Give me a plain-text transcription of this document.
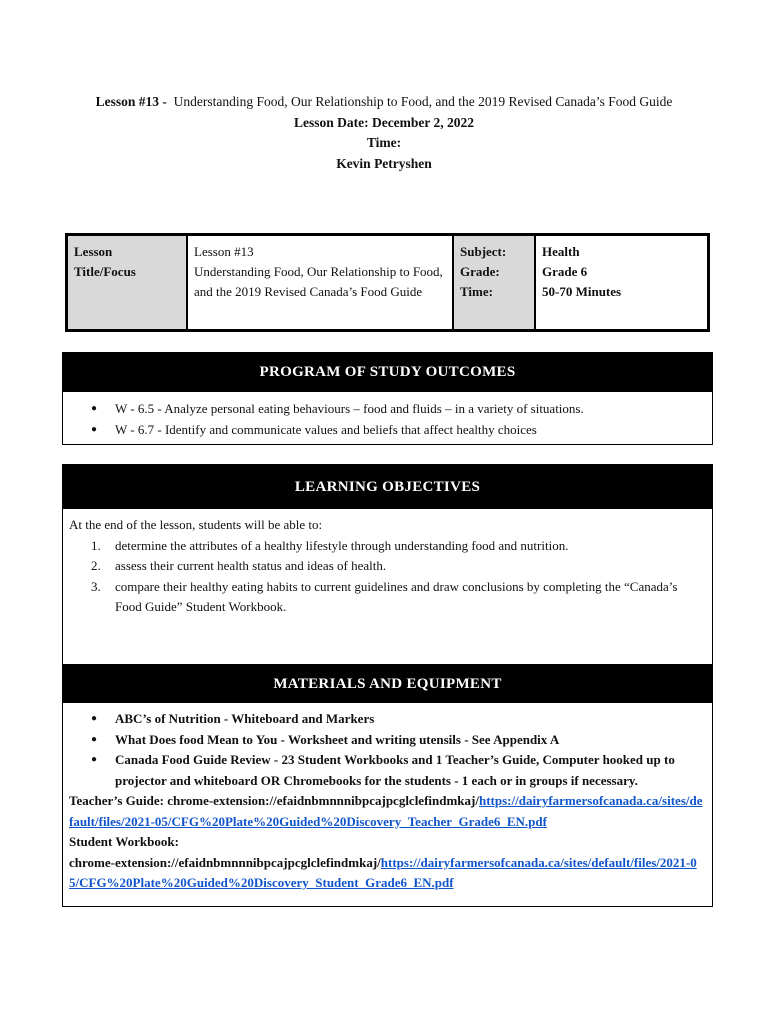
Lesson #13 - Understanding Food, Our Relationship to Food, and the 2019 Revised Canada’s Food Guide
Lesson Date: December 2, 2022
Time:
Kevin Petryshen
Lesson
Title/Focus

Lesson #13
Understanding Food, Our Relationship to Food, and the 2019 Revised Canada’s Food Guide

Subject:
Grade:
Time:

Health
Grade 6
50-70 Minutes
PROGRAM OF STUDY OUTCOMES
● W - 6.5 - Analyze personal eating behaviours – food and fluids – in a variety of situations.
● W - 6.7 - Identify and communicate values and beliefs that affect healthy choices
LEARNING OBJECTIVES
At the end of the lesson, students will be able to:
1. determine the attributes of a healthy lifestyle through understanding food and nutrition.
2. assess their current health status and ideas of health.
3. compare their healthy eating habits to current guidelines and draw conclusions by completing the “Canada’s Food Guide” Student Workbook.
MATERIALS AND EQUIPMENT
● ABC’s of Nutrition - Whiteboard and Markers
● What Does food Mean to You - Worksheet and writing utensils - See Appendix A
● Canada Food Guide Review - 23 Student Workbooks and 1 Teacher’s Guide, Computer hooked up to projector and whiteboard OR Chromebooks for the students - 1 each or in groups if necessary.
Teacher’s Guide: chrome-extension://efaidnbmnnnibpcajpcglclefindmkaj/https://dairyfarmersofcanada.ca/sites/default/files/2021-05/CFG%20Plate%20Guided%20Discovery_Teacher_Grade6_EN.pdf
Student Workbook:
chrome-extension://efaidnbmnnnibpcajpcglclefindmkaj/https://dairyfarmersofcanada.ca/sites/default/files/2021-05/CFG%20Plate%20Guided%20Discovery_Student_Grade6_EN.pdf
